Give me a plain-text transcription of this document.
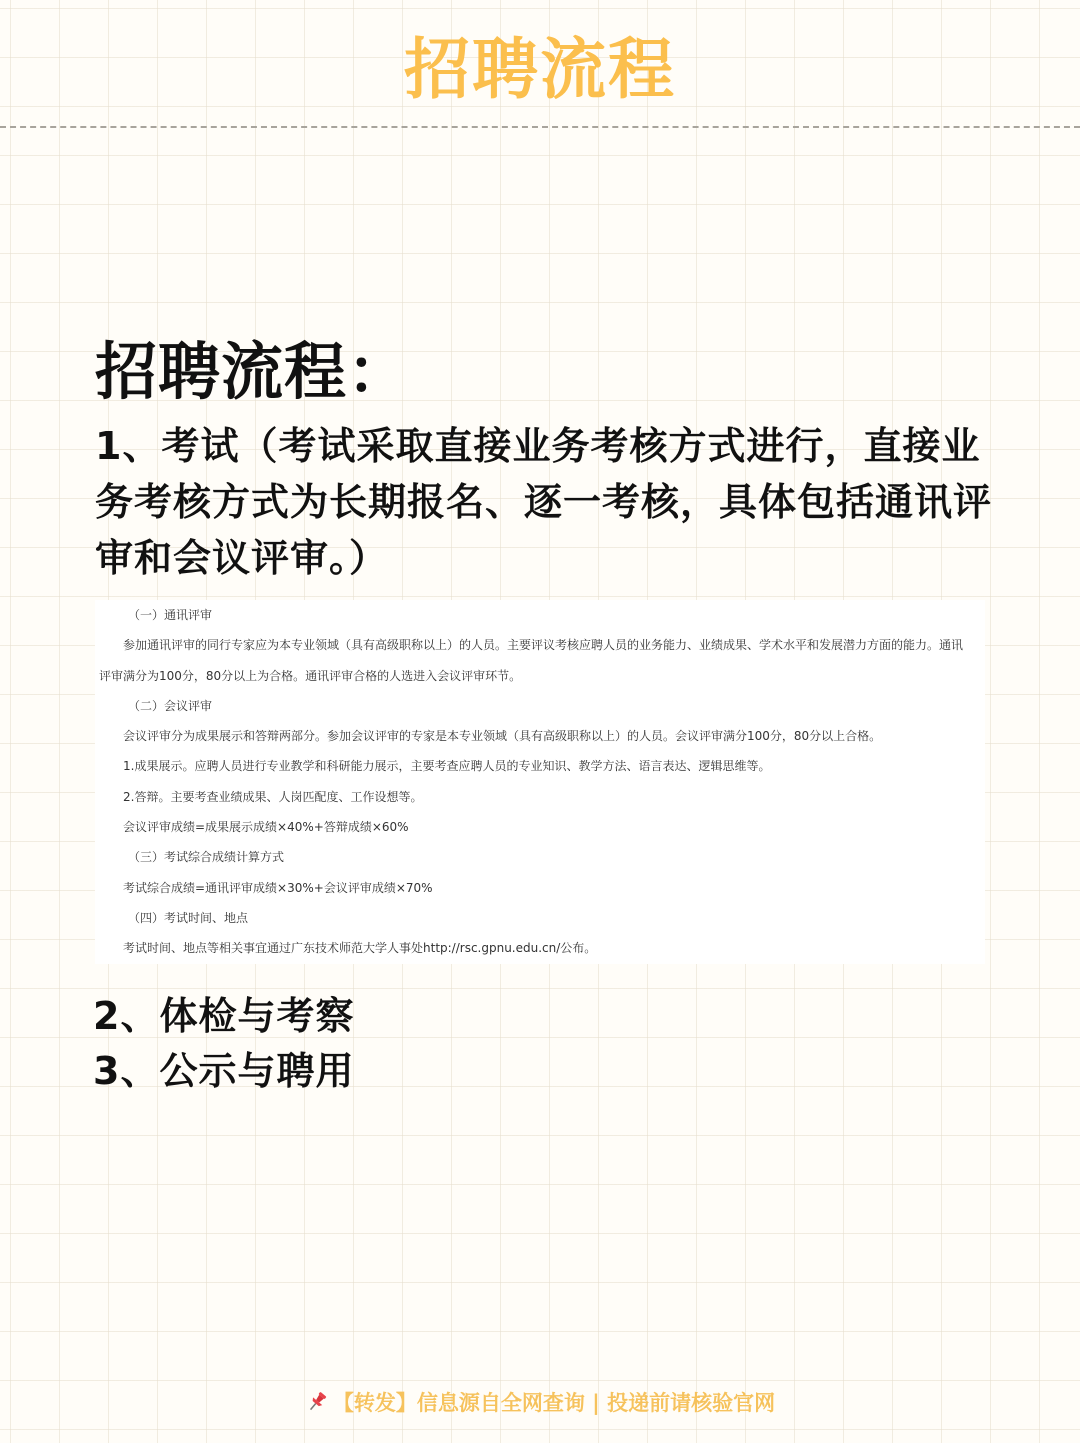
招聘流程
招聘流程：
1、考试（考试采取直接业务考核方式进行，直接业务考核方式为长期报名、逐一考核，具体包括通讯评审和会议评审。）
（一）通讯评审
参加通讯评审的同行专家应为本专业领域（具有高级职称以上）的人员。主要评议考核应聘人员的业务能力、业绩成果、学术水平和发展潜力方面的能力。通讯
评审满分为100分，80分以上为合格。通讯评审合格的人选进入会议评审环节。
（二）会议评审
会议评审分为成果展示和答辩两部分。参加会议评审的专家是本专业领域（具有高级职称以上）的人员。会议评审满分100分，80分以上合格。
1.成果展示。应聘人员进行专业教学和科研能力展示，主要考查应聘人员的专业知识、教学方法、语言表达、逻辑思维等。
2.答辩。主要考查业绩成果、人岗匹配度、工作设想等。
会议评审成绩=成果展示成绩×40%+答辩成绩×60%
（三）考试综合成绩计算方式
考试综合成绩=通讯评审成绩×30%+会议评审成绩×70%
（四）考试时间、地点
考试时间、地点等相关事宜通过广东技术师范大学人事处http://rsc.gpnu.edu.cn/公布。
2、体检与考察
3、公示与聘用
【转发】信息源自全网查询 | 投递前请核验官网
